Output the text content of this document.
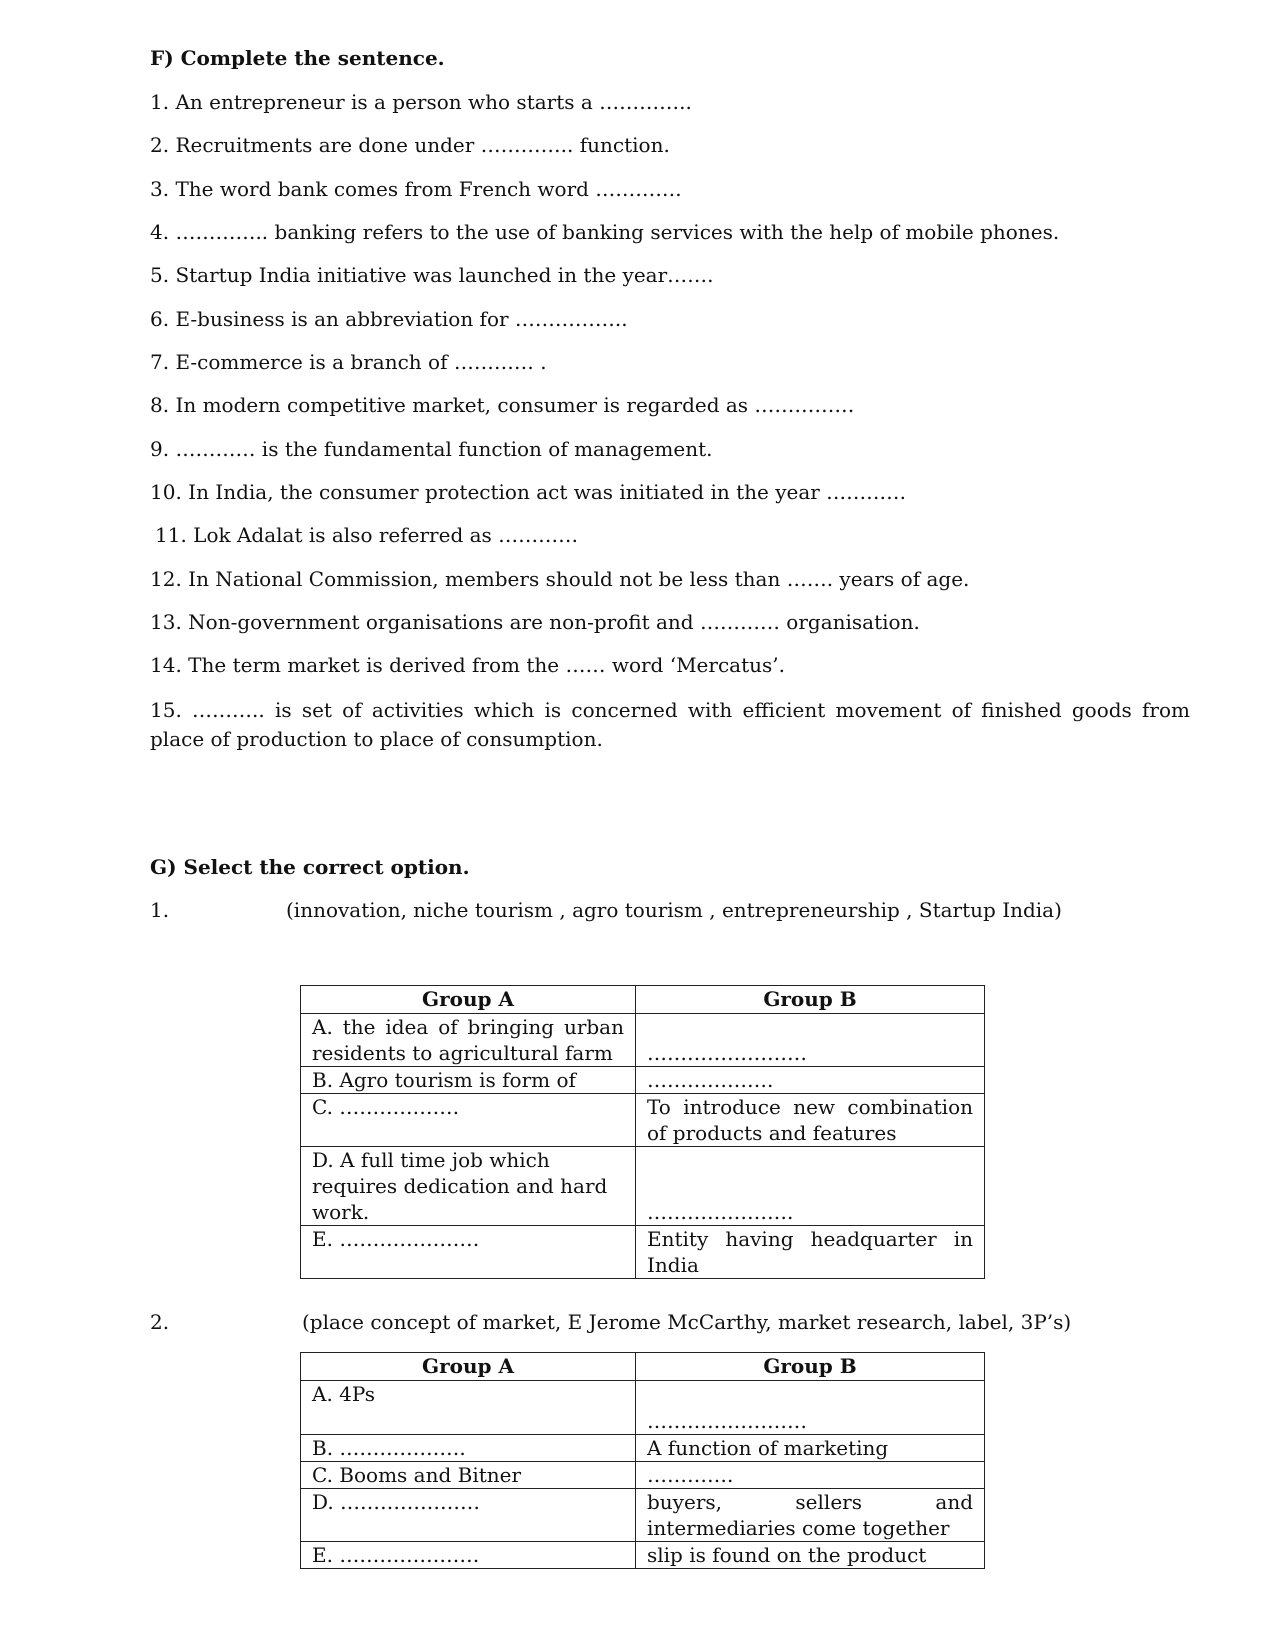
F) Complete the sentence.
1. An entrepreneur is a person who starts a …………..
2. Recruitments are done under ………….. function.
3. The word bank comes from French word ………….
4. ………….. banking refers to the use of banking services with the help of mobile phones.
5. Startup India initiative was launched in the year…….
6. E-business is an abbreviation for ……………..
7. E-commerce is a branch of ………… .
8. In modern competitive market, consumer is regarded as ……………
9. ………… is the fundamental function of management.
10. In India, the consumer protection act was initiated in the year …………
11. Lok Adalat is also referred as …………
12. In National Commission, members should not be less than ……. years of age.
13. Non-government organisations are non-profit and ………… organisation.
14. The term market is derived from the …… word ‘Mercatus’.
15. ……….. is set of activities which is concerned with efficient movement of finished goods from place of production to place of consumption.
G) Select the correct option.
1.	(innovation, niche tourism , agro tourism , entrepreneurship , Startup India)
Group A	Group B
A. the idea of bringing urban residents to agricultural farm	……………………
B. Agro tourism is form of	……………….
C. ………………	To introduce new combination of products and features
D. A full time job which requires dedication and hard work.	………………….
E. …………………	Entity having headquarter in India
2.	(place concept of market, E Jerome McCarthy, market research, label, 3P’s)
Group A	Group B
A. 4Ps	……………………
B. ……………….	A function of marketing
C. Booms and Bitner	………….
D. …………………	buyers, sellers and intermediaries come together
E. …………………	slip is found on the product
